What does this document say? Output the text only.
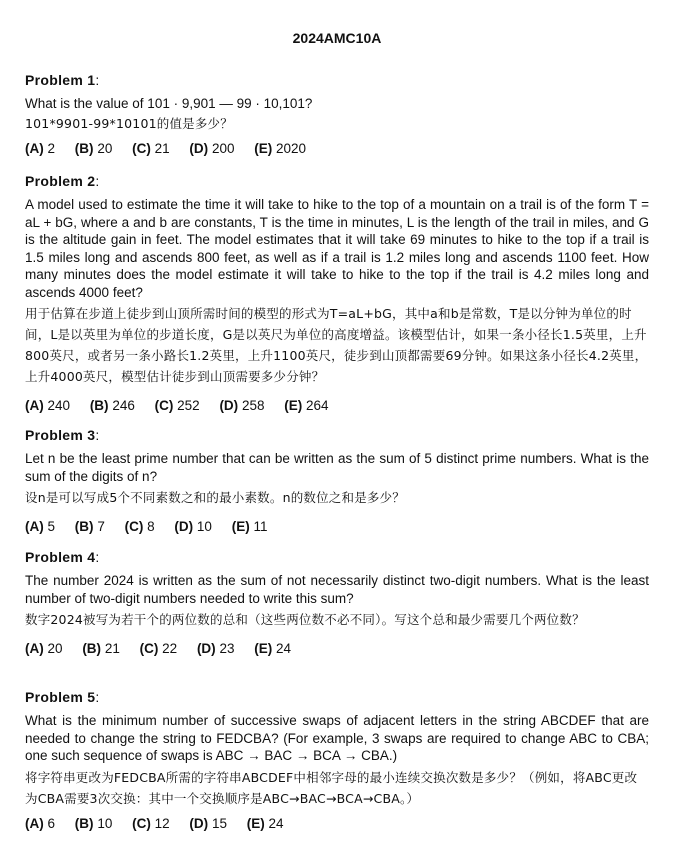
2024AMC10A
Problem 1:

What is the value of 101 · 9,901 — 99 · 10,101?

101*9901-99*10101的值是多少？

(A) 2 (B) 20 (C) 21 (D) 200 (E) 2020
Problem 2:

A model used to estimate the time it will take to hike to the top of a mountain on a trail is of the form T = aL + bG, where a and b are constants, T is the time in minutes, L is the length of the trail in miles, and G is the altitude gain in feet. The model estimates that it will take 69 minutes to hike to the top if a trail is 1.5 miles long and ascends 800 feet, as well as if a trail is 1.2 miles long and ascends 1100 feet. How many minutes does the model estimate it will take to hike to the top if the trail is 4.2 miles long and ascends 4000 feet?

用于估算在步道上徒步到山顶所需时间的模型的形式为T=aL+bG，其中a和b是常数，T是以分钟为单位的时间，L是以英里为单位的步道长度，G是以英尺为单位的高度增益。该模型估计，如果一条小径长1.5英里，上升800英尺，或者另一条小路长1.2英里，上升1100英尺，徒步到山顶都需要69分钟。如果这条小径长4.2英里，上升4000英尺，模型估计徒步到山顶需要多少分钟？

(A) 240 (B) 246 (C) 252 (D) 258 (E) 264
Problem 3:

Let n be the least prime number that can be written as the sum of 5 distinct prime numbers. What is the sum of the digits of n?

设n是可以写成5个不同素数之和的最小素数。n的数位之和是多少？

(A) 5 (B) 7 (C) 8 (D) 10 (E) 11
Problem 4:

The number 2024 is written as the sum of not necessarily distinct two-digit numbers. What is the least number of two-digit numbers needed to write this sum?

数字2024被写为若干个的两位数的总和（这些两位数不必不同）。写这个总和最少需要几个两位数？

(A) 20 (B) 21 (C) 22 (D) 23 (E) 24
Problem 5:

What is the minimum number of successive swaps of adjacent letters in the string ABCDEF that are needed to change the string to FEDCBA? (For example, 3 swaps are required to change ABC to CBA; one such sequence of swaps is ABC → BAC → BCA → CBA.)

将字符串更改为FEDCBA所需的字符串ABCDEF中相邻字母的最小连续交换次数是多少？（例如，将ABC更改为CBA需要3次交换：其中一个交换顺序是ABC→BAC→BCA→CBA。）

(A) 6 (B) 10 (C) 12 (D) 15 (E) 24
